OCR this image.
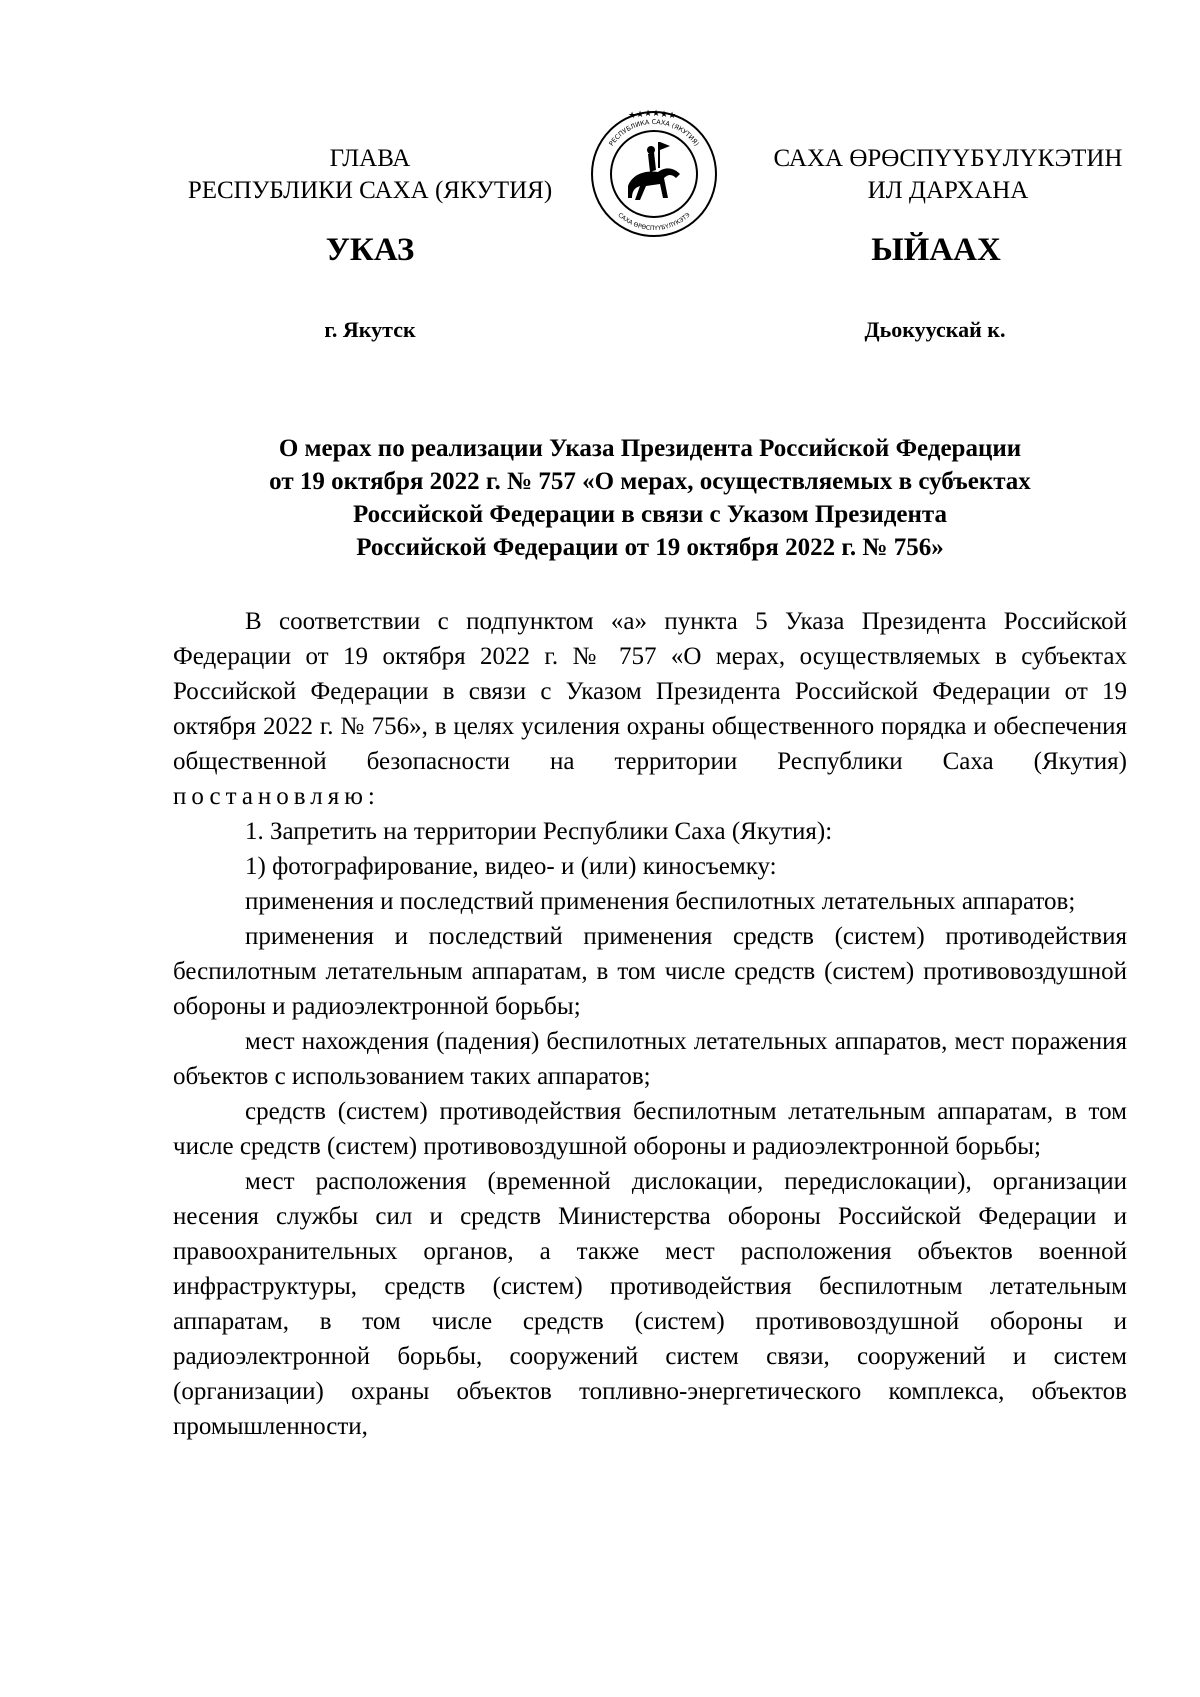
ГЛАВА
РЕСПУБЛИКИ САХА (ЯКУТИЯ)
★ ★ ★ ★ ★ ★
РЕСПУБЛИКА САХА (ЯКУТИЯ)
САХА ӨРӨСПҮҮБҮЛҮКЭТЭ
САХА ӨРӨСПҮҮБҮЛҮКЭТИН
ИЛ ДАРХАНА
УКАЗ	ЫЙААХ
г. Якутск	Дьокуускай к.
О мерах по реализации Указа Президента Российской Федерации
от 19 октября 2022 г. № 757 «О мерах, осуществляемых в субъектах
Российской Федерации в связи с Указом Президента
Российской Федерации от 19 октября 2022 г. № 756»

В соответствии с подпунктом «а» пункта 5 Указа Президента Российской Федерации от 19 октября 2022 г. № 757 «О мерах, осуществляемых в субъектах Российской Федерации в связи с Указом Президента Российской Федерации от 19 октября 2022 г. № 756», в целях усиления охраны общественного порядка и обеспечения общественной безопасности на территории Республики Саха (Якутия) постановляю:

1. Запретить на территории Республики Саха (Якутия):

1) фотографирование, видео- и (или) киносъемку:

применения и последствий применения беспилотных летательных аппаратов;

применения и последствий применения средств (систем) противодействия беспилотным летательным аппаратам, в том числе средств (систем) противовоздушной обороны и радиоэлектронной борьбы;

мест нахождения (падения) беспилотных летательных аппаратов, мест поражения объектов с использованием таких аппаратов;

средств (систем) противодействия беспилотным летательным аппаратам, в том числе средств (систем) противовоздушной обороны и радиоэлектронной борьбы;

мест расположения (временной дислокации, передислокации), организации несения службы сил и средств Министерства обороны Российской Федерации и правоохранительных органов, а также мест расположения объектов военной инфраструктуры, средств (систем) противодействия беспилотным летательным аппаратам, в том числе средств (систем) противовоздушной обороны и радиоэлектронной борьбы, сооружений систем связи, сооружений и систем (организации) охраны объектов топливно-энергетического комплекса, объектов промышленности,
